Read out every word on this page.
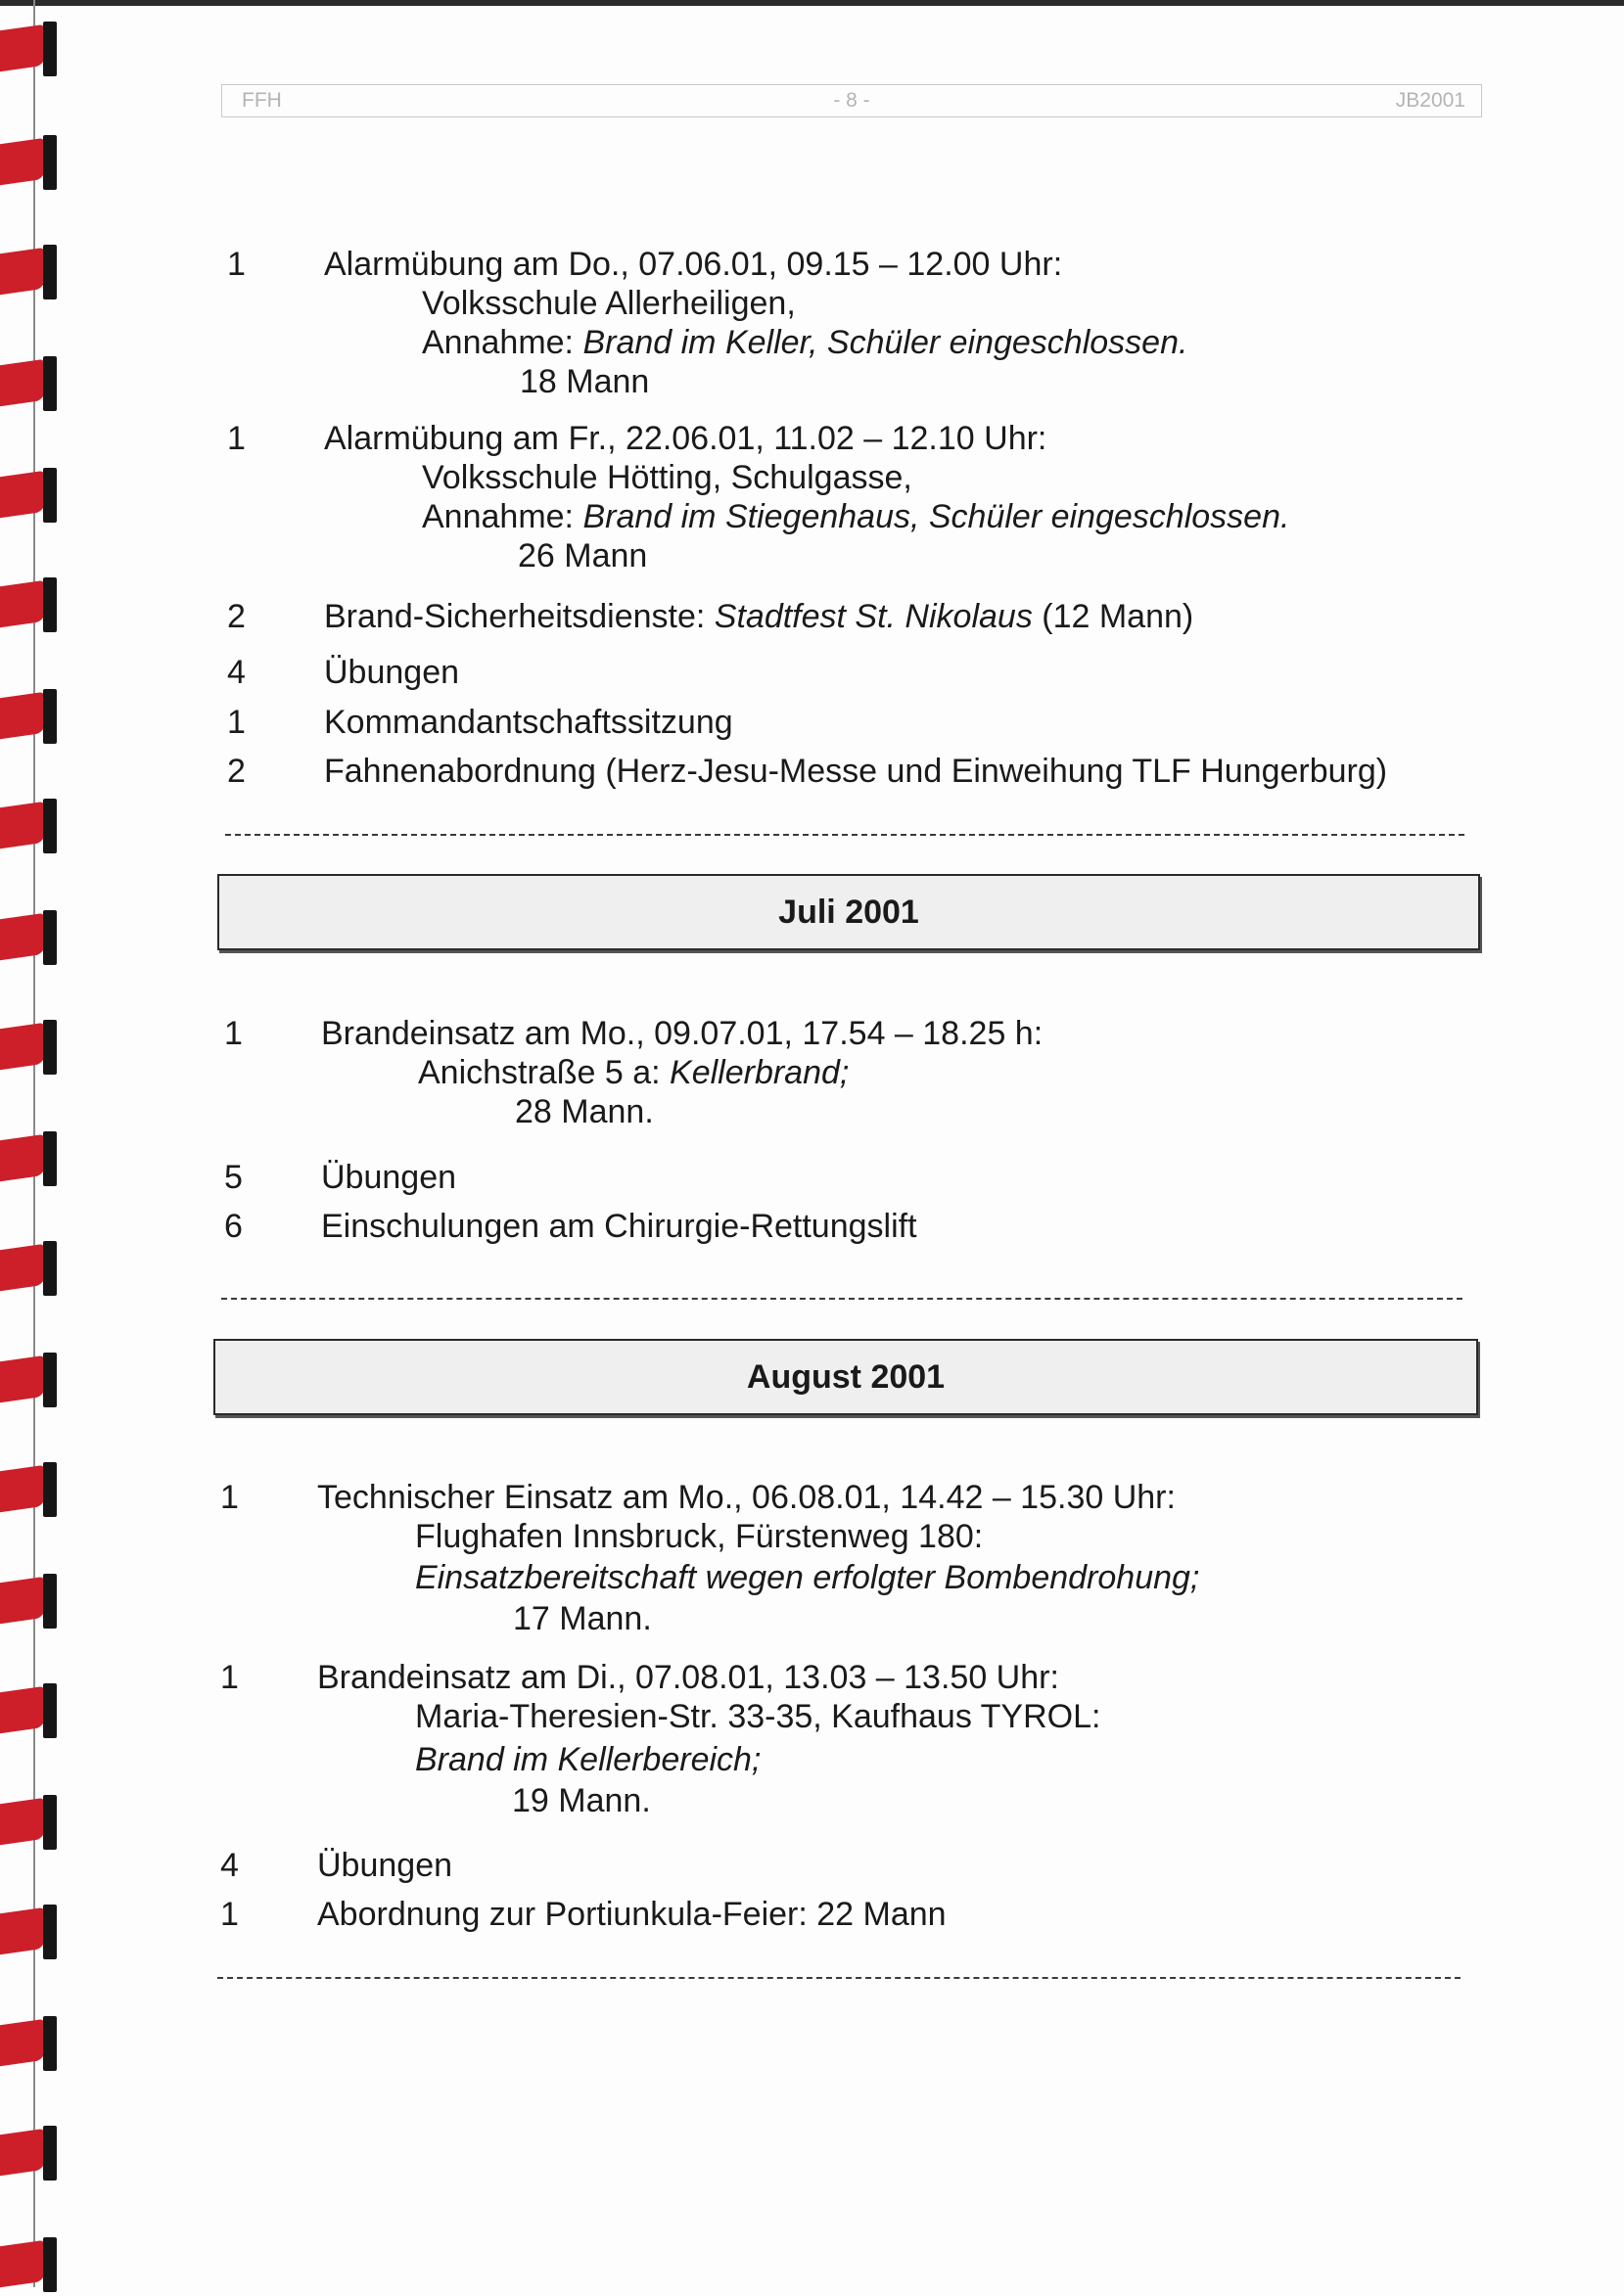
FFH	- 8 -	JB2001
1	Alarmübung am Do., 07.06.01, 09.15 – 12.00 Uhr:
Volksschule Allerheiligen,
Annahme: Brand im Keller, Schüler eingeschlossen.
18 Mann
1	Alarmübung am Fr., 22.06.01, 11.02 – 12.10 Uhr:
Volksschule Hötting, Schulgasse,
Annahme: Brand im Stiegenhaus, Schüler eingeschlossen.
26 Mann
2	Brand-Sicherheitsdienste: Stadtfest St. Nikolaus (12 Mann)
4	Übungen
1	Kommandantschaftssitzung
2	Fahnenabordnung (Herz-Jesu-Messe und Einweihung TLF Hungerburg)
Juli 2001
1	Brandeinsatz am Mo., 09.07.01, 17.54 – 18.25 h:
Anichstraße 5 a: Kellerbrand;
28 Mann.
5	Übungen
6	Einschulungen am Chirurgie-Rettungslift
August 2001
1	Technischer Einsatz am Mo., 06.08.01, 14.42 – 15.30 Uhr:
Flughafen Innsbruck, Fürstenweg 180:
Einsatzbereitschaft wegen erfolgter Bombendrohung;
17 Mann.
1	Brandeinsatz am Di., 07.08.01, 13.03 – 13.50 Uhr:
Maria-Theresien-Str. 33-35, Kaufhaus TYROL:
Brand im Kellerbereich;
19 Mann.
4	Übungen
1	Abordnung zur Portiunkula-Feier: 22 Mann
